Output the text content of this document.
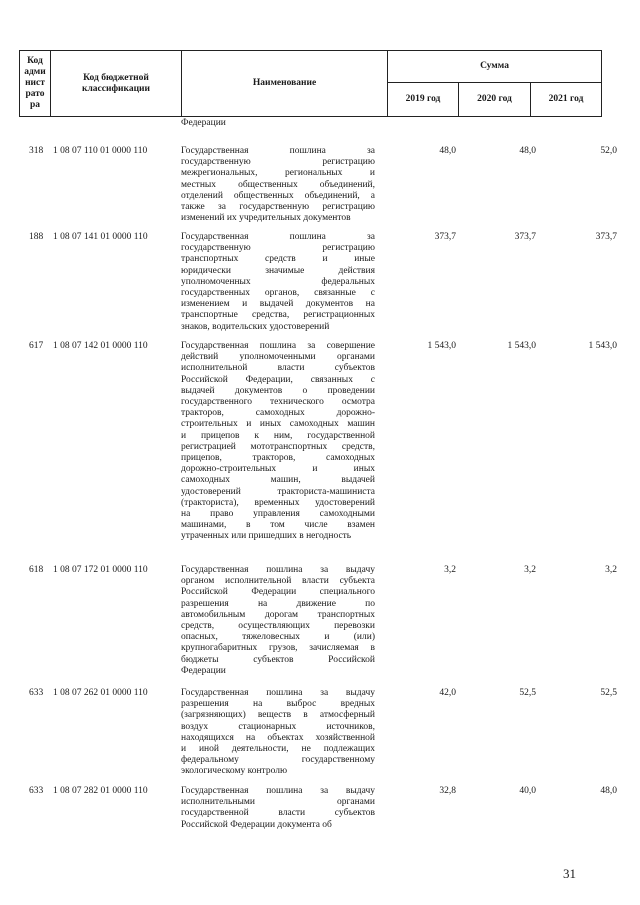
Код
адми
нист
рато
ра	Код бюджетной
классификации	Наименование	Сумма		
			2019 год	2020 год	2021 год
Федерации
318 1 08 07 110 01 0000 110	Государственная пошлина за
государственную регистрацию
межрегиональных, региональных и
местных общественных объединений,
отделений общественных объединений, а
также за государственную регистрацию
изменений их учредительных документов
48,0	48,0	52,0
188 1 08 07 141 01 0000 110	Государственная пошлина за
государственную регистрацию
транспортных средств и иные
юридически значимые действия
уполномоченных федеральных
государственных органов, связанные с
изменением и выдачей документов на
транспортные средства, регистрационных
знаков, водительских удостоверений
373,7	373,7	373,7
617 1 08 07 142 01 0000 110	Государственная пошлина за совершение
действий уполномоченными органами
исполнительной власти субъектов
Российской Федерации, связанных с
выдачей документов о проведении
государственного технического осмотра
тракторов, самоходных дорожно-
строительных и иных самоходных машин
и прицепов к ним, государственной
регистрацией мототранспортных средств,
прицепов, тракторов, самоходных
дорожно-строительных и иных
самоходных машин, выдачей
удостоверений тракториста-машиниста
(тракториста), временных удостоверений
на право управления самоходными
машинами, в том числе взамен
утраченных или пришедших в негодность
1 543,0	1 543,0	1 543,0
618 1 08 07 172 01 0000 110	Государственная пошлина за выдачу
органом исполнительной власти субъекта
Российской Федерации специального
разрешения на движение по
автомобильным дорогам транспортных
средств, осуществляющих перевозки
опасных, тяжеловесных и (или)
крупногабаритных грузов, зачисляемая в
бюджеты субъектов Российской
Федерации
3,2	3,2	3,2
633 1 08 07 262 01 0000 110	Государственная пошлина за выдачу
разрешения на выброс вредных
(загрязняющих) веществ в атмосферный
воздух стационарных источников,
находящихся на объектах хозяйственной
и иной деятельности, не подлежащих
федеральному государственному
экологическому контролю
42,0	52,5	52,5
633 1 08 07 282 01 0000 110	Государственная пошлина за выдачу
исполнительными органами
государственной власти субъектов
Российской Федерации документа об
32,8	40,0	48,0
31
